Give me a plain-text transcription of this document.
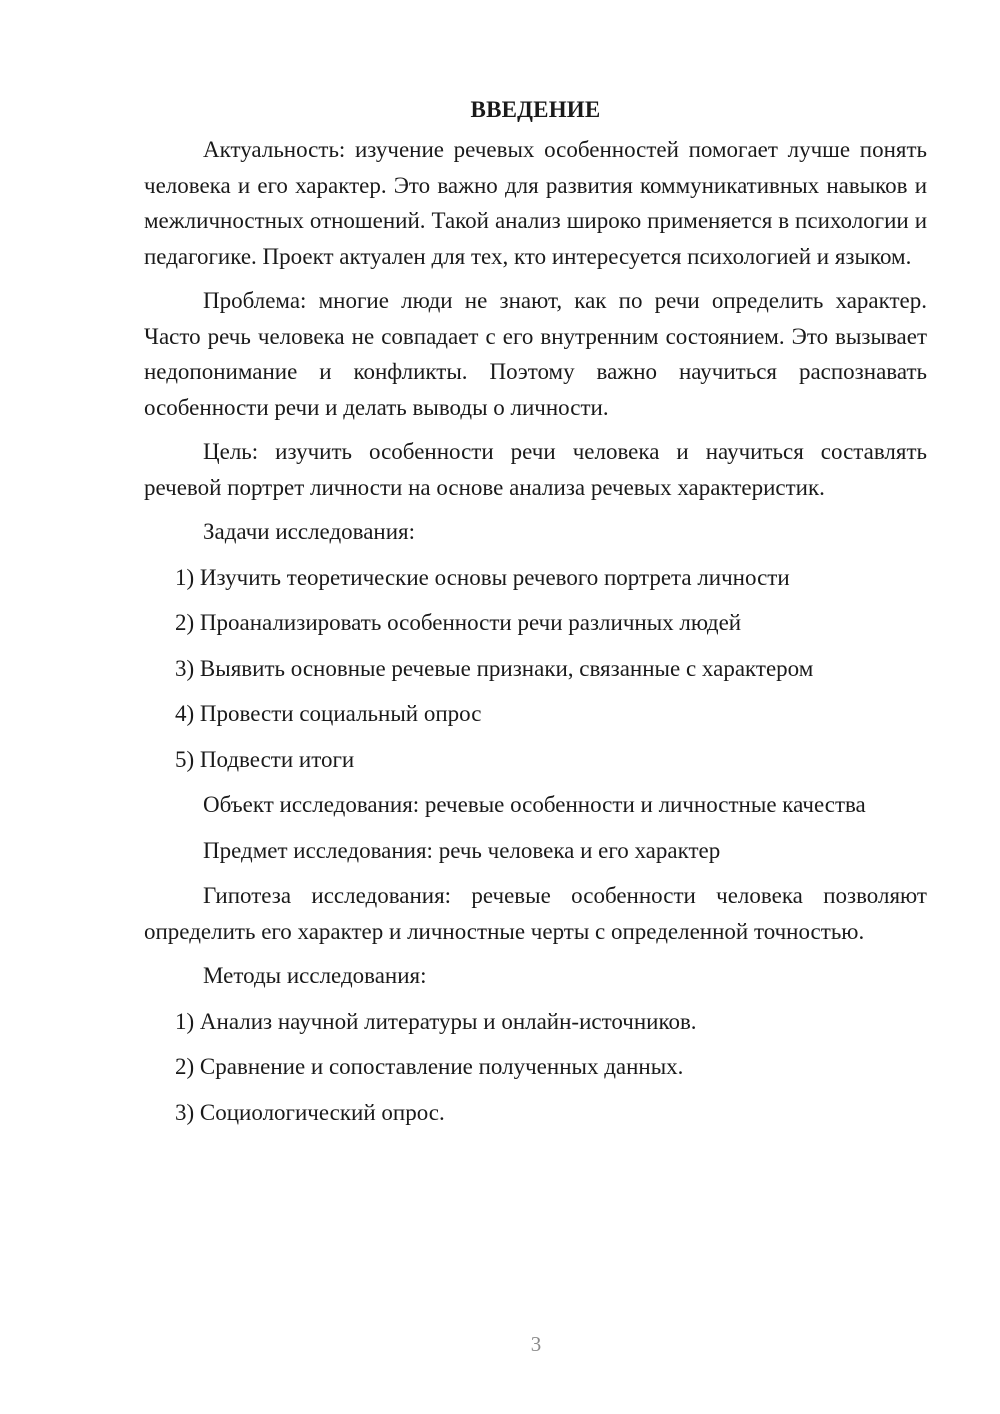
ВВЕДЕНИЕ

Актуальность: изучение речевых особенностей помогает лучше понять человека и его характер. Это важно для развития коммуникативных навыков и межличностных отношений. Такой анализ широко применяется в психологии и педагогике. Проект актуален для тех, кто интересуется психологией и языком.

Проблема: многие люди не знают, как по речи определить характер. Часто речь человека не совпадает с его внутренним состоянием. Это вызывает недопонимание и конфликты. Поэтому важно научиться распознавать особенности речи и делать выводы о личности.

Цель: изучить особенности речи человека и научиться составлять речевой портрет личности на основе анализа речевых характеристик.

Задачи исследования:
1) Изучить теоретические основы речевого портрета личности
2) Проанализировать особенности речи различных людей
3) Выявить основные речевые признаки, связанные с характером
4) Провести социальный опрос
5) Подвести итоги
Объект исследования: речевые особенности и личностные качества
Предмет исследования: речь человека и его характер

Гипотеза исследования: речевые особенности человека позволяют определить его характер и личностные черты с определенной точностью.

Методы исследования:
1) Анализ научной литературы и онлайн-источников.
2) Сравнение и сопоставление полученных данных.
3) Социологический опрос.
3
